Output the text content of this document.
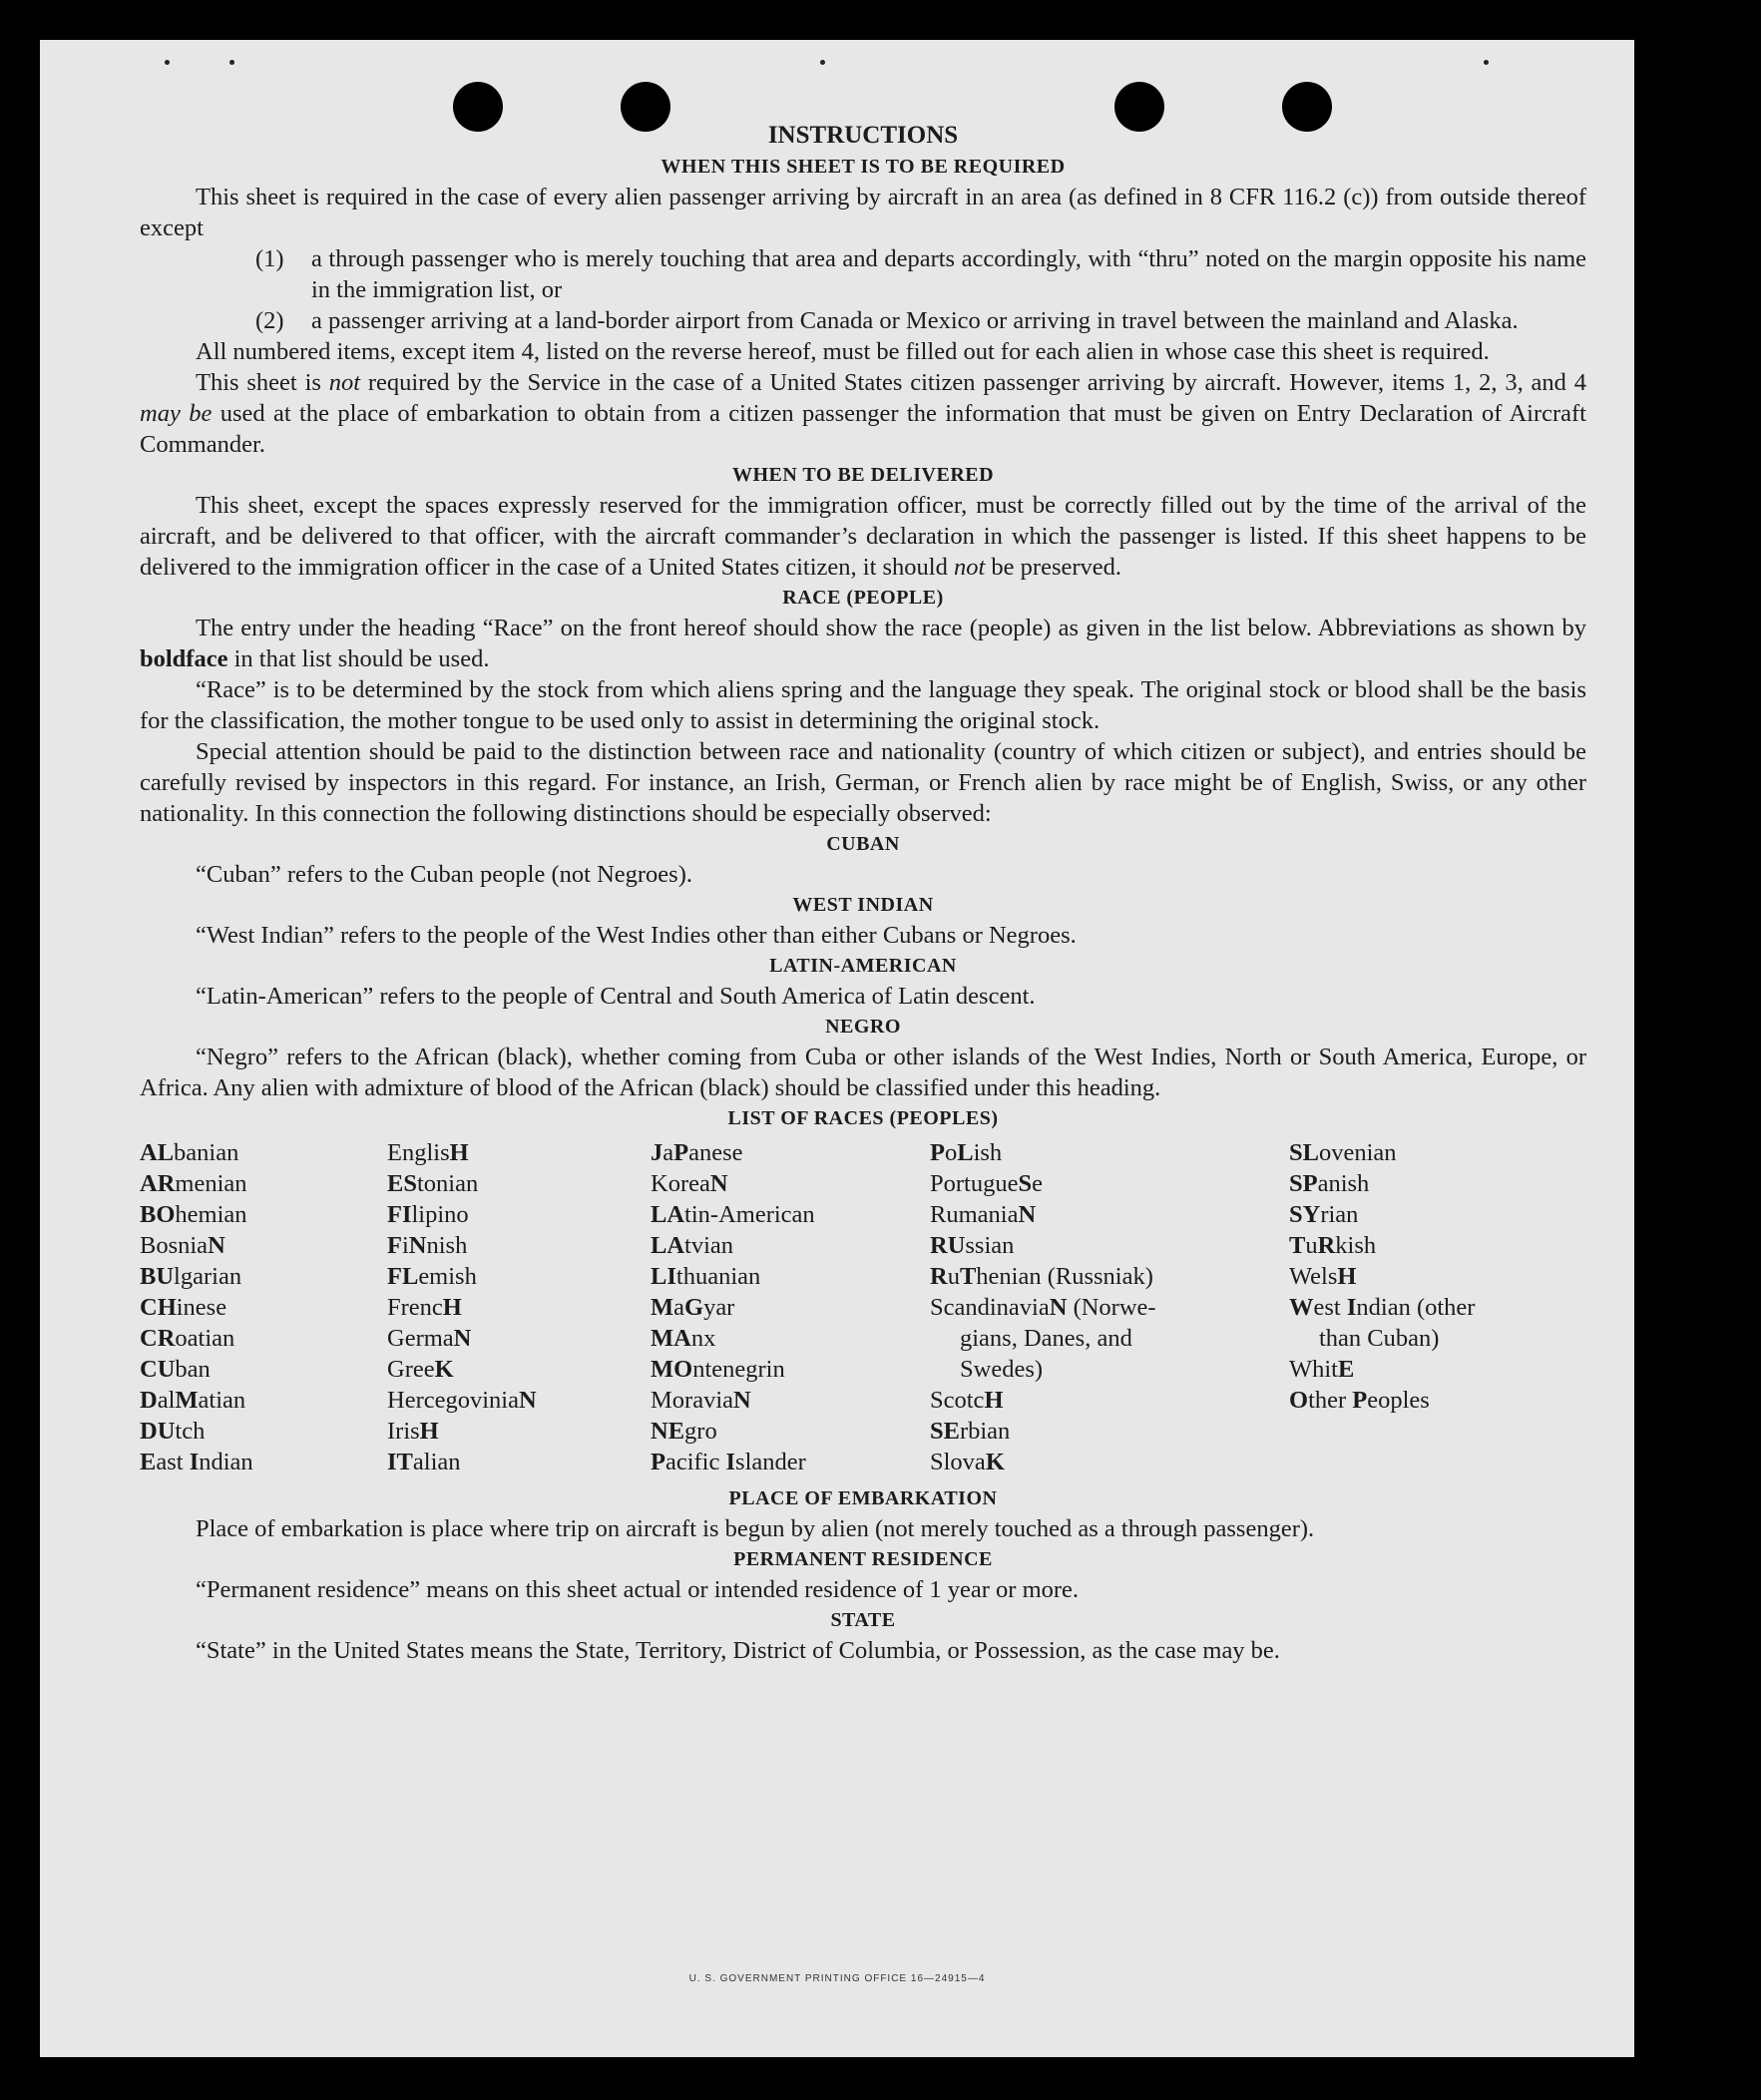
INSTRUCTIONS

WHEN THIS SHEET IS TO BE REQUIRED

This sheet is required in the case of every alien passenger arriving by aircraft in an area (as defined in 8 CFR 116.2 (c)) from outside thereof except

(1) a through passenger who is merely touching that area and departs accordingly, with “thru” noted on the margin opposite his name in the immigration list, or

(2) a passenger arriving at a land-border airport from Canada or Mexico or arriving in travel between the mainland and Alaska.

All numbered items, except item 4, listed on the reverse hereof, must be filled out for each alien in whose case this sheet is required.

This sheet is not required by the Service in the case of a United States citizen passenger arriving by aircraft. However, items 1, 2, 3, and 4 may be used at the place of embarkation to obtain from a citizen passenger the information that must be given on Entry Declaration of Aircraft Commander.

WHEN TO BE DELIVERED

This sheet, except the spaces expressly reserved for the immigration officer, must be correctly filled out by the time of the arrival of the aircraft, and be delivered to that officer, with the aircraft commander’s declaration in which the passenger is listed. If this sheet happens to be delivered to the immigration officer in the case of a United States citizen, it should not be preserved.

RACE (PEOPLE)

The entry under the heading “Race” on the front hereof should show the race (people) as given in the list below. Abbreviations as shown by boldface in that list should be used.

“Race” is to be determined by the stock from which aliens spring and the language they speak. The original stock or blood shall be the basis for the classification, the mother tongue to be used only to assist in determining the original stock.

Special attention should be paid to the distinction between race and nationality (country of which citizen or subject), and entries should be carefully revised by inspectors in this regard. For instance, an Irish, German, or French alien by race might be of English, Swiss, or any other nationality. In this connection the following distinctions should be especially observed:

CUBAN

“Cuban” refers to the Cuban people (not Negroes).

WEST INDIAN

“West Indian” refers to the people of the West Indies other than either Cubans or Negroes.

LATIN-AMERICAN

“Latin-American” refers to the people of Central and South America of Latin descent.

NEGRO

“Negro” refers to the African (black), whether coming from Cuba or other islands of the West Indies, North or South America, Europe, or Africa. Any alien with admixture of blood of the African (black) should be classified under this heading.

LIST OF RACES (PEOPLES)

ALbanian
ARmenian
BOhemian
BosniaN
BUlgarian
CHinese
CRoatian
CUban
DalMatian
DUtch
East Indian
EnglisH
EStonian
FIlipino
FiNnish
FLemish
FrencH
GermaN
GreeK
HercegoviniaN
IrisH
ITalian
JaPanese
KoreaN
LAtin-American
LAtvian
LIthuanian
MaGyar
MAnx
MOntenegrin
MoraviaN
NEgro
Pacific Islander
PoLish
PortugueSe
RumaniaN
RUssian
RuThenian (Russniak)
ScandinaviaN (Norwe-
gians, Danes, and
Swedes)
ScotcH
SErbian
SlovaK
SLovenian
SPanish
SYrian
TuRkish
WelsH
West Indian (other
than Cuban)
WhitE
Other Peoples

PLACE OF EMBARKATION

Place of embarkation is place where trip on aircraft is begun by alien (not merely touched as a through passenger).

PERMANENT RESIDENCE

“Permanent residence” means on this sheet actual or intended residence of 1 year or more.

STATE

“State” in the United States means the State, Territory, District of Columbia, or Possession, as the case may be.

U. S. GOVERNMENT PRINTING OFFICE 16—24915—4
